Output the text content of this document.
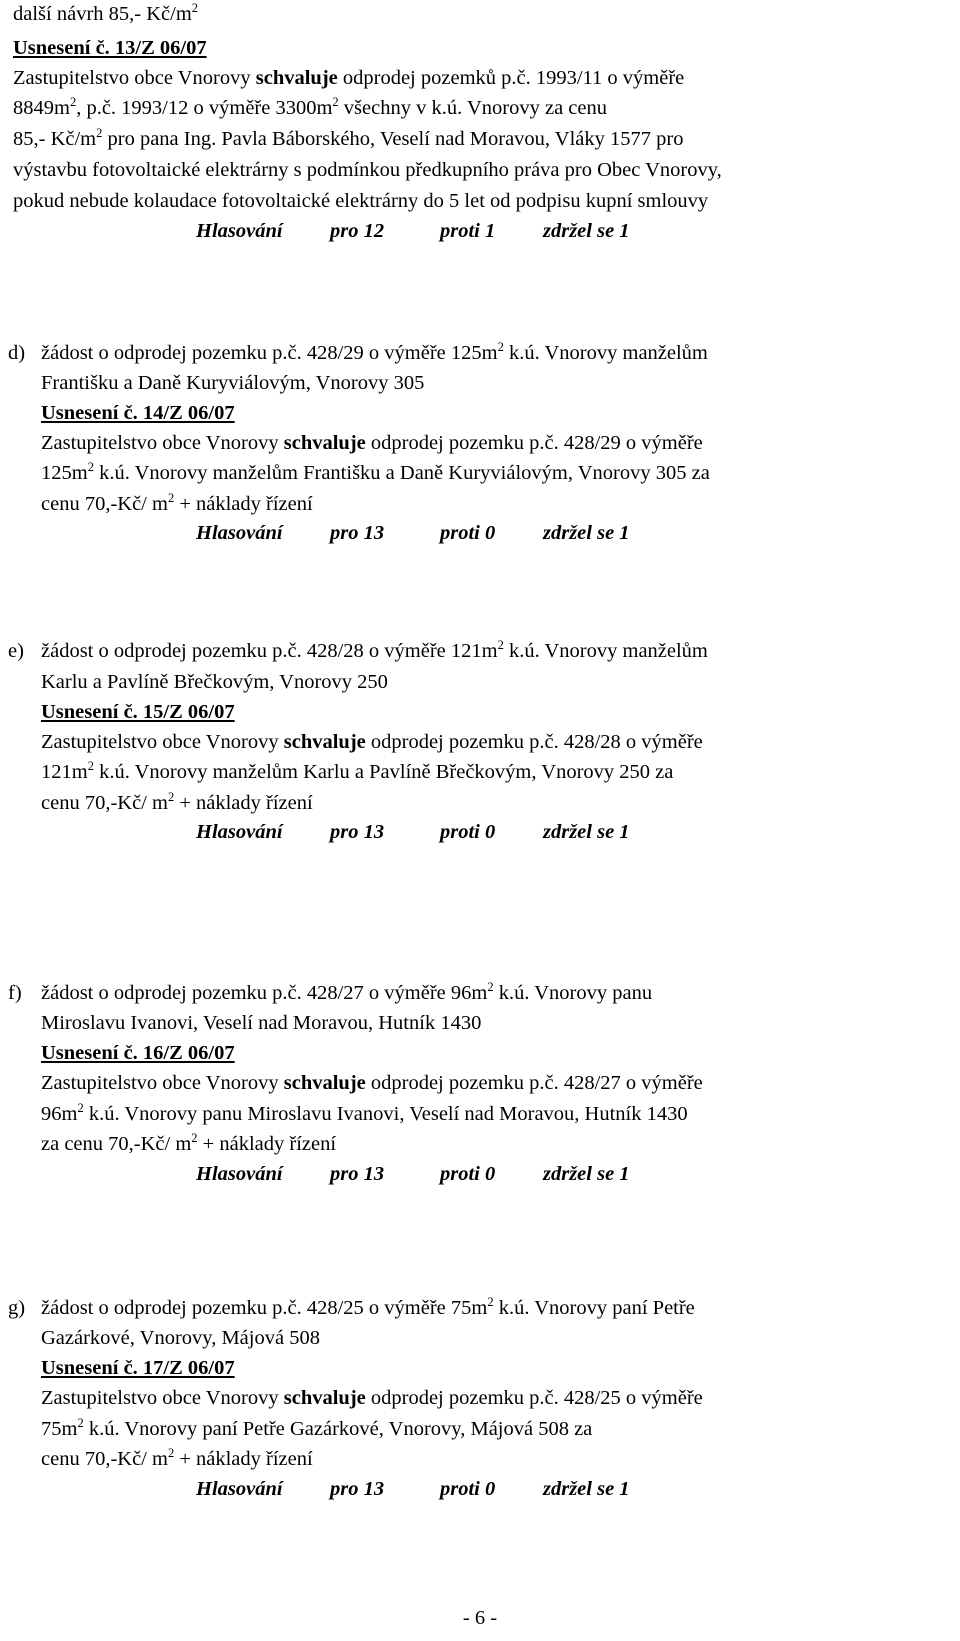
další návrh 85,- $Kč/m^2$
Usnesení č. 13/Z 06/07
Zastupitelstvo obce Vnorovy schvaluje odprodej pozemků p.č. 1993/11 o výměře
$8849m^2$, p.č. 1993/12 o výměře $3300m^2$ všechny v k.ú. Vnorovy za cenu
85,- $Kč/m^2$ pro pana Ing. Pavla Báborského, Veselí nad Moravou, Vláky 1577 pro
výstavbu fotovoltaické elektrárny s podmínkou předkupního práva pro Obec Vnorovy,
pokud nebude kolaudace fotovoltaické elektrárny do 5 let od podpisu kupní smlouvy
Hlasování pro 12	proti 1 zdržel se 1
d) žádost o odprodej pozemku p.č. 428/29 o výměře $125m^2$ k.ú. Vnorovy manželům
Františku a Daně Kuryviálovým, Vnorovy 305
Usnesení č. 14/Z 06/07
Zastupitelstvo obce Vnorovy schvaluje odprodej pozemku p.č. 428/29 o výměře
$125m^2$ k.ú. Vnorovy manželům Františku a Daně Kuryviálovým, Vnorovy 305 za
cenu 70,-Kč/ $m^2$ + náklady řízení
Hlasování pro 13	proti 0 zdržel se 1
e) žádost o odprodej pozemku p.č. 428/28 o výměře $121m^2$ k.ú. Vnorovy manželům
Karlu a Pavlíně Břečkovým, Vnorovy 250
Usnesení č. 15/Z 06/07
Zastupitelstvo obce Vnorovy schvaluje odprodej pozemku p.č. 428/28 o výměře
$121m^2$ k.ú. Vnorovy manželům Karlu a Pavlíně Břečkovým, Vnorovy 250 za
cenu 70,-Kč/ $m^2$ + náklady řízení
Hlasování pro 13	proti 0 zdržel se 1
f) žádost o odprodej pozemku p.č. 428/27 o výměře $96m^2$ k.ú. Vnorovy panu
Miroslavu Ivanovi, Veselí nad Moravou, Hutník 1430
Usnesení č. 16/Z 06/07
Zastupitelstvo obce Vnorovy schvaluje odprodej pozemku p.č. 428/27 o výměře
$96m^2$ k.ú. Vnorovy panu Miroslavu Ivanovi, Veselí nad Moravou, Hutník 1430
za cenu 70,-Kč/ $m^2$ + náklady řízení
Hlasování pro 13	proti 0 zdržel se 1
g) žádost o odprodej pozemku p.č. 428/25 o výměře $75m^2$ k.ú. Vnorovy paní Petře
Gazárkové, Vnorovy, Májová 508
Usnesení č. 17/Z 06/07
Zastupitelstvo obce Vnorovy schvaluje odprodej pozemku p.č. 428/25 o výměře
$75m^2$ k.ú. Vnorovy paní Petře Gazárkové, Vnorovy, Májová 508 za
cenu 70,-Kč/ $m^2$ + náklady řízení
Hlasování pro 13	proti 0 zdržel se 1
- 6 -
